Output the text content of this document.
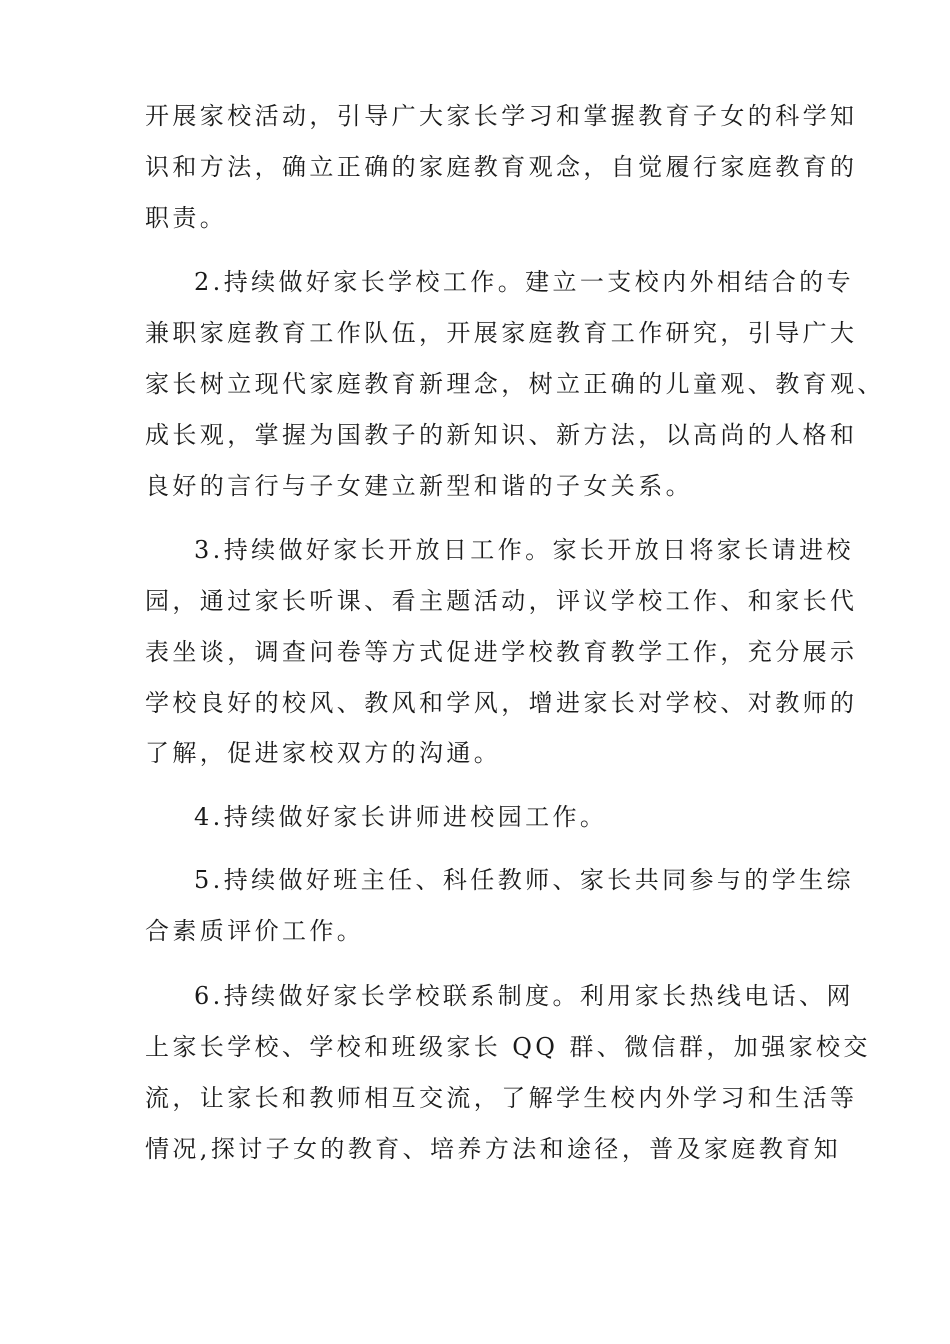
开展家校活动，引导广大家长学习和掌握教育子女的科学知
识和方法，确立正确的家庭教育观念，自觉履行家庭教育的
职责。
2.持续做好家长学校工作。建立一支校内外相结合的专
兼职家庭教育工作队伍，开展家庭教育工作研究，引导广大
家长树立现代家庭教育新理念，树立正确的儿童观、教育观、
成长观，掌握为国教子的新知识、新方法，以高尚的人格和
良好的言行与子女建立新型和谐的子女关系。
3.持续做好家长开放日工作。家长开放日将家长请进校
园，通过家长听课、看主题活动，评议学校工作、和家长代
表坐谈，调查问卷等方式促进学校教育教学工作，充分展示
学校良好的校风、教风和学风，增进家长对学校、对教师的
了解，促进家校双方的沟通。
4.持续做好家长讲师进校园工作。
5.持续做好班主任、科任教师、家长共同参与的学生综
合素质评价工作。
6.持续做好家长学校联系制度。利用家长热线电话、网
上家长学校、学校和班级家长 QQ 群、微信群，加强家校交
流，让家长和教师相互交流，了解学生校内外学习和生活等
情况,探讨子女的教育、培养方法和途径，普及家庭教育知
